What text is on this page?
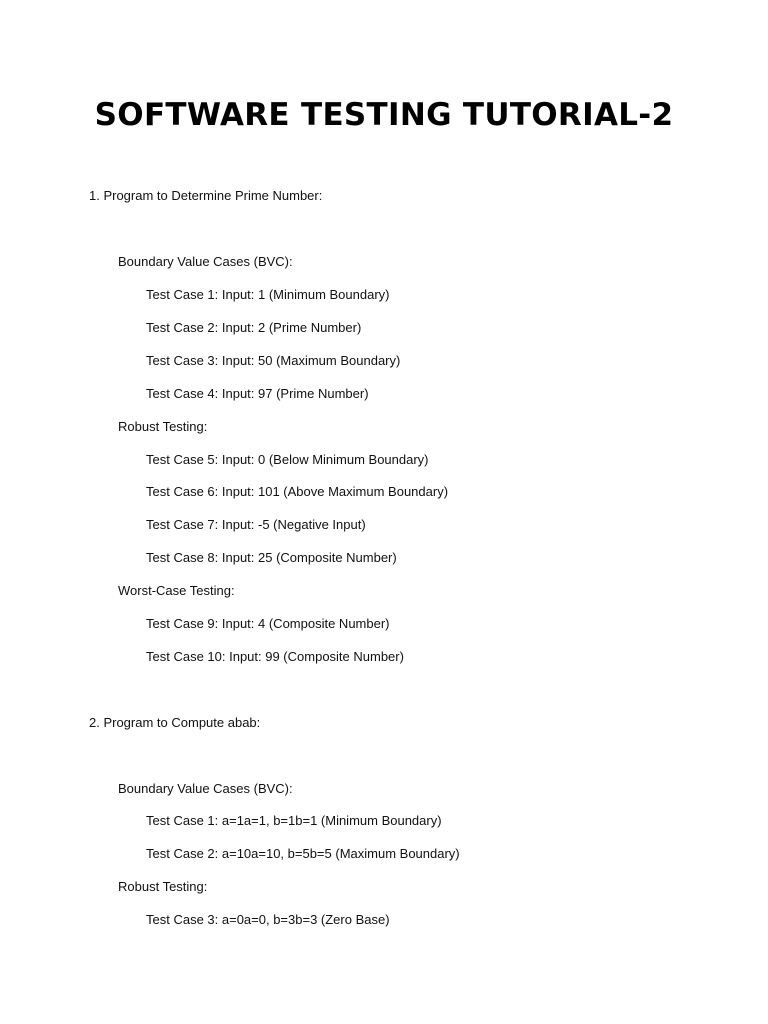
SOFTWARE TESTING TUTORIAL-2
1. Program to Determine Prime Number:
Boundary Value Cases (BVC):
Test Case 1: Input: 1 (Minimum Boundary)
Test Case 2: Input: 2 (Prime Number)
Test Case 3: Input: 50 (Maximum Boundary)
Test Case 4: Input: 97 (Prime Number)
Robust Testing:
Test Case 5: Input: 0 (Below Minimum Boundary)
Test Case 6: Input: 101 (Above Maximum Boundary)
Test Case 7: Input: -5 (Negative Input)
Test Case 8: Input: 25 (Composite Number)
Worst-Case Testing:
Test Case 9: Input: 4 (Composite Number)
Test Case 10: Input: 99 (Composite Number)
2. Program to Compute abab:
Boundary Value Cases (BVC):
Test Case 1: a=1a=1, b=1b=1 (Minimum Boundary)
Test Case 2: a=10a=10, b=5b=5 (Maximum Boundary)
Robust Testing:
Test Case 3: a=0a=0, b=3b=3 (Zero Base)
